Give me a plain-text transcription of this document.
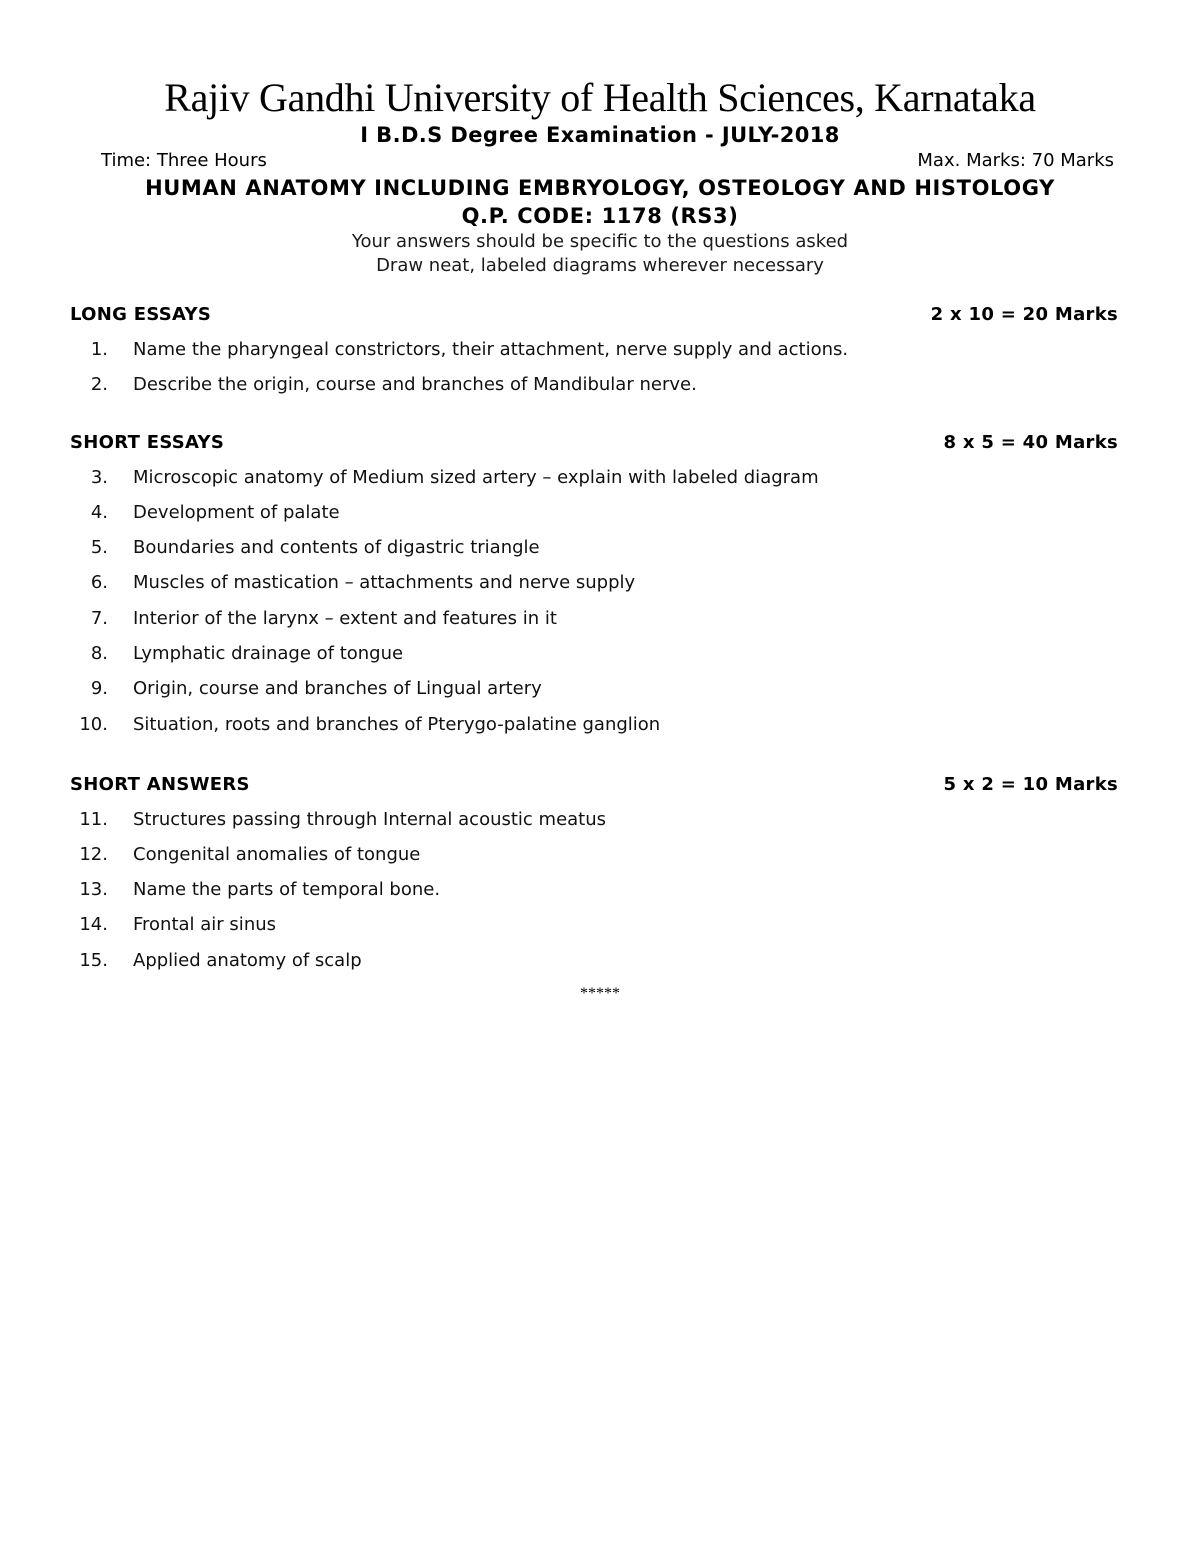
Rajiv Gandhi University of Health Sciences, Karnataka
I B.D.S Degree Examination - JULY-2018
Time: Three Hours	Max. Marks: 70 Marks
HUMAN ANATOMY INCLUDING EMBRYOLOGY, OSTEOLOGY AND HISTOLOGY
Q.P. CODE: 1178 (RS3)
Your answers should be specific to the questions asked
Draw neat, labeled diagrams wherever necessary
LONG ESSAYS	2 x 10 = 20 Marks
1. Name the pharyngeal constrictors, their attachment, nerve supply and actions.
2. Describe the origin, course and branches of Mandibular nerve.
SHORT ESSAYS	8 x 5 = 40 Marks
3. Microscopic anatomy of Medium sized artery – explain with labeled diagram
4. Development of palate
5. Boundaries and contents of digastric triangle
6. Muscles of mastication – attachments and nerve supply
7. Interior of the larynx – extent and features in it
8. Lymphatic drainage of tongue
9. Origin, course and branches of Lingual artery
10. Situation, roots and branches of Pterygo-palatine ganglion
SHORT ANSWERS	5 x 2 = 10 Marks
11. Structures passing through Internal acoustic meatus
12. Congenital anomalies of tongue
13. Name the parts of temporal bone.
14. Frontal air sinus
15. Applied anatomy of scalp
*****
